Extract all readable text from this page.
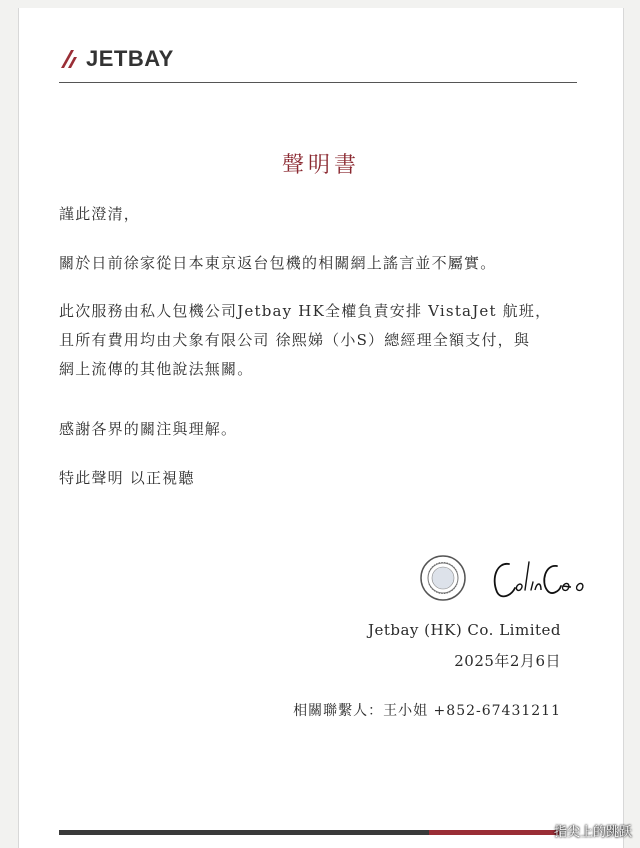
JETBAY
聲明書
謹此澄清，
關於日前徐家從日本東京返台包機的相關網上謠言並不屬實。
此次服務由私人包機公司Jetbay HK全權負責安排 VistaJet 航班，
且所有費用均由犬象有限公司 徐熙娣（小S）總經理全額支付，與
網上流傳的其他說法無關。
感謝各界的關注與理解。
特此聲明 以正視聽
Jetbay (HK) Co. Limited
2025年2月6日
相關聯繫人：王小姐 +852-67431211
指尖上的跳跃
